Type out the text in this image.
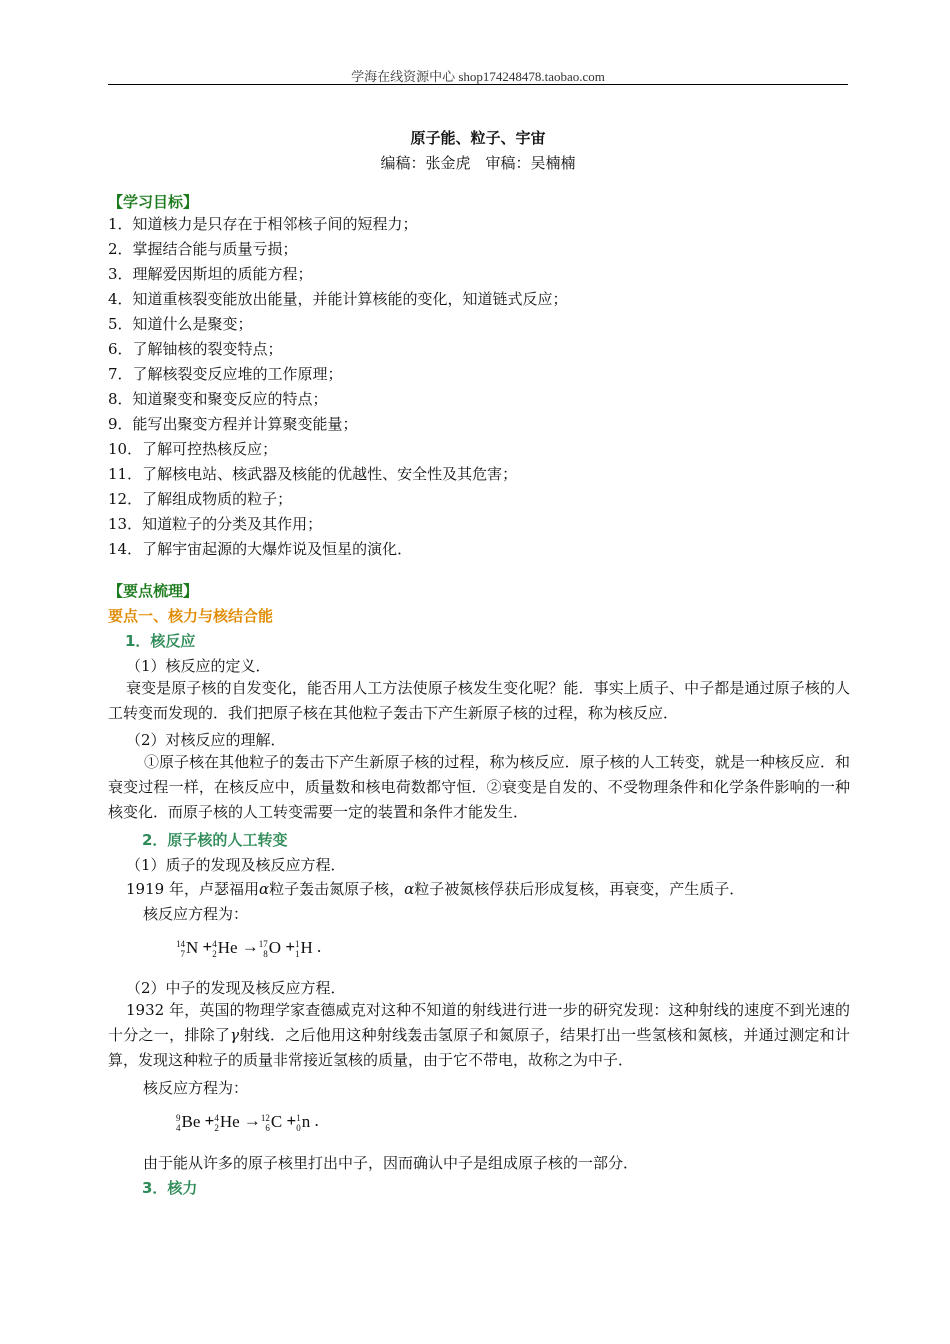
学海在线资源中心 shop174248478.taobao.com
原子能、粒子、宇宙
编稿：张金虎　审稿：吴楠楠
【学习目标】
1．知道核力是只存在于相邻核子间的短程力；
2．掌握结合能与质量亏损；
3．理解爱因斯坦的质能方程；
4．知道重核裂变能放出能量，并能计算核能的变化，知道链式反应；
5．知道什么是聚变；
6．了解铀核的裂变特点；
7．了解核裂变反应堆的工作原理；
8．知道聚变和聚变反应的特点；
9．能写出聚变方程并计算聚变能量；
10．了解可控热核反应；
11．了解核电站、核武器及核能的优越性、安全性及其危害；
12．了解组成物质的粒子；
13．知道粒子的分类及其作用；
14．了解宇宙起源的大爆炸说及恒星的演化．
【要点梳理】
要点一、核力与核结合能
1．核反应
（1）核反应的定义．
衰变是原子核的自发变化，能否用人工方法使原子核发生变化呢？能．事实上质子、中子都是通过原子核的人工转变而发现的．我们把原子核在其他粒子轰击下产生新原子核的过程，称为核反应．
（2）对核反应的理解．
①原子核在其他粒子的轰击下产生新原子核的过程，称为核反应．原子核的人工转变，就是一种核反应．和衰变过程一样，在核反应中，质量数和核电荷数都守恒．②衰变是自发的、不受物理条件和化学条件影响的一种核变化．而原子核的人工转变需要一定的装置和条件才能发生．
2．原子核的人工转变
（1）质子的发现及核反应方程．
1919 年，卢瑟福用α粒子轰击氮原子核，α粒子被氮核俘获后形成复核，再衰变，产生质子．
核反应方程为：
14
7 N + 4
2 He → 17
8 O + 1
1 H .
（2）中子的发现及核反应方程．
1932 年，英国的物理学家查德威克对这种不知道的射线进行进一步的研究发现：这种射线的速度不到光速的十分之一，排除了γ射线．之后他用这种射线轰击氢原子和氮原子，结果打出一些氢核和氮核，并通过测定和计算，发现这种粒子的质量非常接近氢核的质量，由于它不带电，故称之为中子．
核反应方程为：
9
4 Be + 4
2 He → 12
6 C + 1
0 n .
由于能从许多的原子核里打出中子，因而确认中子是组成原子核的一部分．
3．核力
